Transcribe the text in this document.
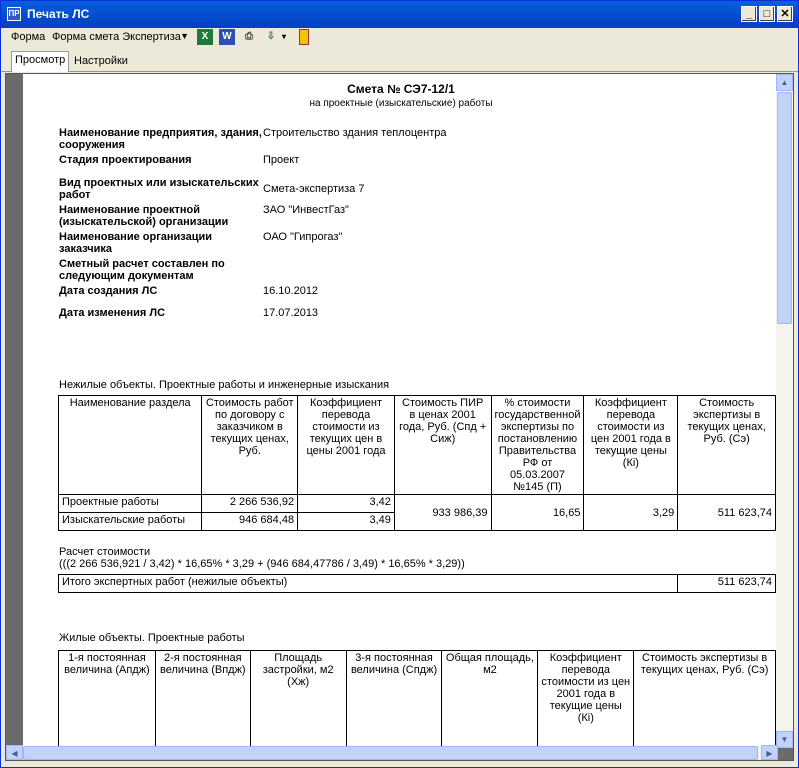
ПР Печать ЛС	_	□ ✕
Форма Форма смета Экспертиза ▼	X	W	⎙	⇩ ▾
Просмотр Настройки
Смета № СЭ7-12/1
на проектные (изыскательские) работы
Наименование предприятия, здания, сооружения
Строительство здания теплоцентра
Стадия проектирования	Проект
Вид проектных или изыскательских работ	Смета-экспертиза 7
Наименование проектной (изыскательской) организации
ЗАО "ИнвестГаз"
Наименование организации заказчика
ОАО "Гипрогаз"
Сметный расчет составлен по следующим документам
Дата создания ЛС	16.10.2012
Дата изменения ЛС	17.07.2013
Нежилые объекты. Проектные работы и инженерные изыскания
Наименование раздела	Стоимость работ по договору с заказчиком в текущих ценах, Руб.	Коэффициент перевода стоимости из текущих цен в цены 2001 года	Стоимость ПИР в ценах 2001 года, Руб. (Спд + Сиж)	% стоимости государственной экспертизы по постановлению Правительства РФ от 05.03.2007 №145 (П)	Коэффициент перевода стоимости из цен 2001 года в текущие цены (Кі)	Стоимость экспертизы в текущих ценах, Руб. (Сэ)
Проектные работы	2 266 536,92	3,42	933 986,39	16,65	3,29	511 623,74
Изыскательские работы	946 684,48	3,49				
Расчет стоимости
(((2 266 536,921 / 3,42) * 16,65% * 3,29 + (946 684,47786 / 3,49) * 16,65% * 3,29))
Итого экспертных работ (нежилые объекты)	511 623,74
Жилые объекты. Проектные работы
1-я постоянная величина (Апдж)	2-я постоянная величина (Впдж)	Площадь застройки, м2 (Хж)	3-я постоянная величина (Спдж)	Общая площадь, м2	Коэффициент перевода стоимости из цен 2001 года в текущие цены (Кі)	Стоимость экспертизы в текущих ценах, Руб. (Сэ)
▲
▼
◀	▶
